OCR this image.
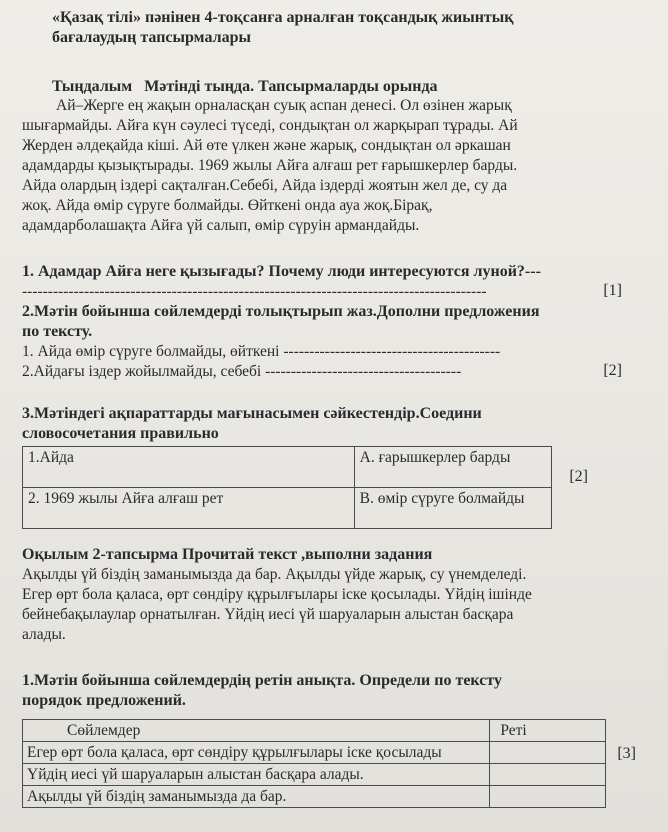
«Қазақ тілі» пәнінен 4-тоқсанға арналған тоқсандық жиынтық
бағалаудың тапсырмалары
Тыңдалым Мәтінді тыңда. Тапсырмаларды орында
Ай–Жерге ең жақын орналасқан суық аспан денесі. Ол өзінен жарық
шығармайды. Айға күн сәулесі түседі, сондықтан ол жарқырап тұрады. Ай
Жерден әлдеқайда кіші. Ай өте үлкен және жарық, сондықтан ол әркашан
адамдарды қызықтырады. 1969 жылы Айға алғаш рет ғарышкерлер барды.
Айда олардың іздері сақталған.Себебі, Айда іздерді жоятын жел де, су да
жоқ. Айда өмір сүруге болмайды. Өйткені онда ауа жоқ.Бірақ,
адамдарболашақта Айға үй салып, өмір сүруін армандайды.
1. Адамдар Айға неге қызығады? Почему люди интересуются луной?---
------------------------------------------------------------------------------------------	[1]
2.Мәтін бойынша сөйлемдерді толықтырып жаз.Дополни предложения
по тексту.
1. Айда өмір сүруге болмайды, өйткені ------------------------------------------
2.Айдағы іздер жойылмайды, себебі --------------------------------------	[2]
3.Мәтіндегі ақпараттарды мағынасымен сәйкестендір.Соедини
словосочетания правильно
1.Айда	А. ғарышкерлер барды
2. 1969 жылы Айға алғаш рет	В. өмір сүруге болмайды
[2]
Оқылым 2-тапсырма Прочитай текст ,выполни задания
Ақылды үй біздің заманымызда да бар. Ақылды үйде жарық, су үнемделеді.
Егер өрт бола қаласа, өрт сөндіру құрылғылары іске қосылады. Үйдің ішінде
бейнебақылаулар орнатылған. Үйдің иесі үй шаруаларын алыстан басқара
алады.
1.Мәтін бойынша сөйлемдердің ретін анықта. Определи по тексту
порядок предложений.
Сөйлемдер	Реті
Егер өрт бола қаласа, өрт сөндіру құрылғылары іске қосылады	
Үйдің иесі үй шаруаларын алыстан басқара алады.	
Ақылды үй біздің заманымызда да бар.	
[3]
